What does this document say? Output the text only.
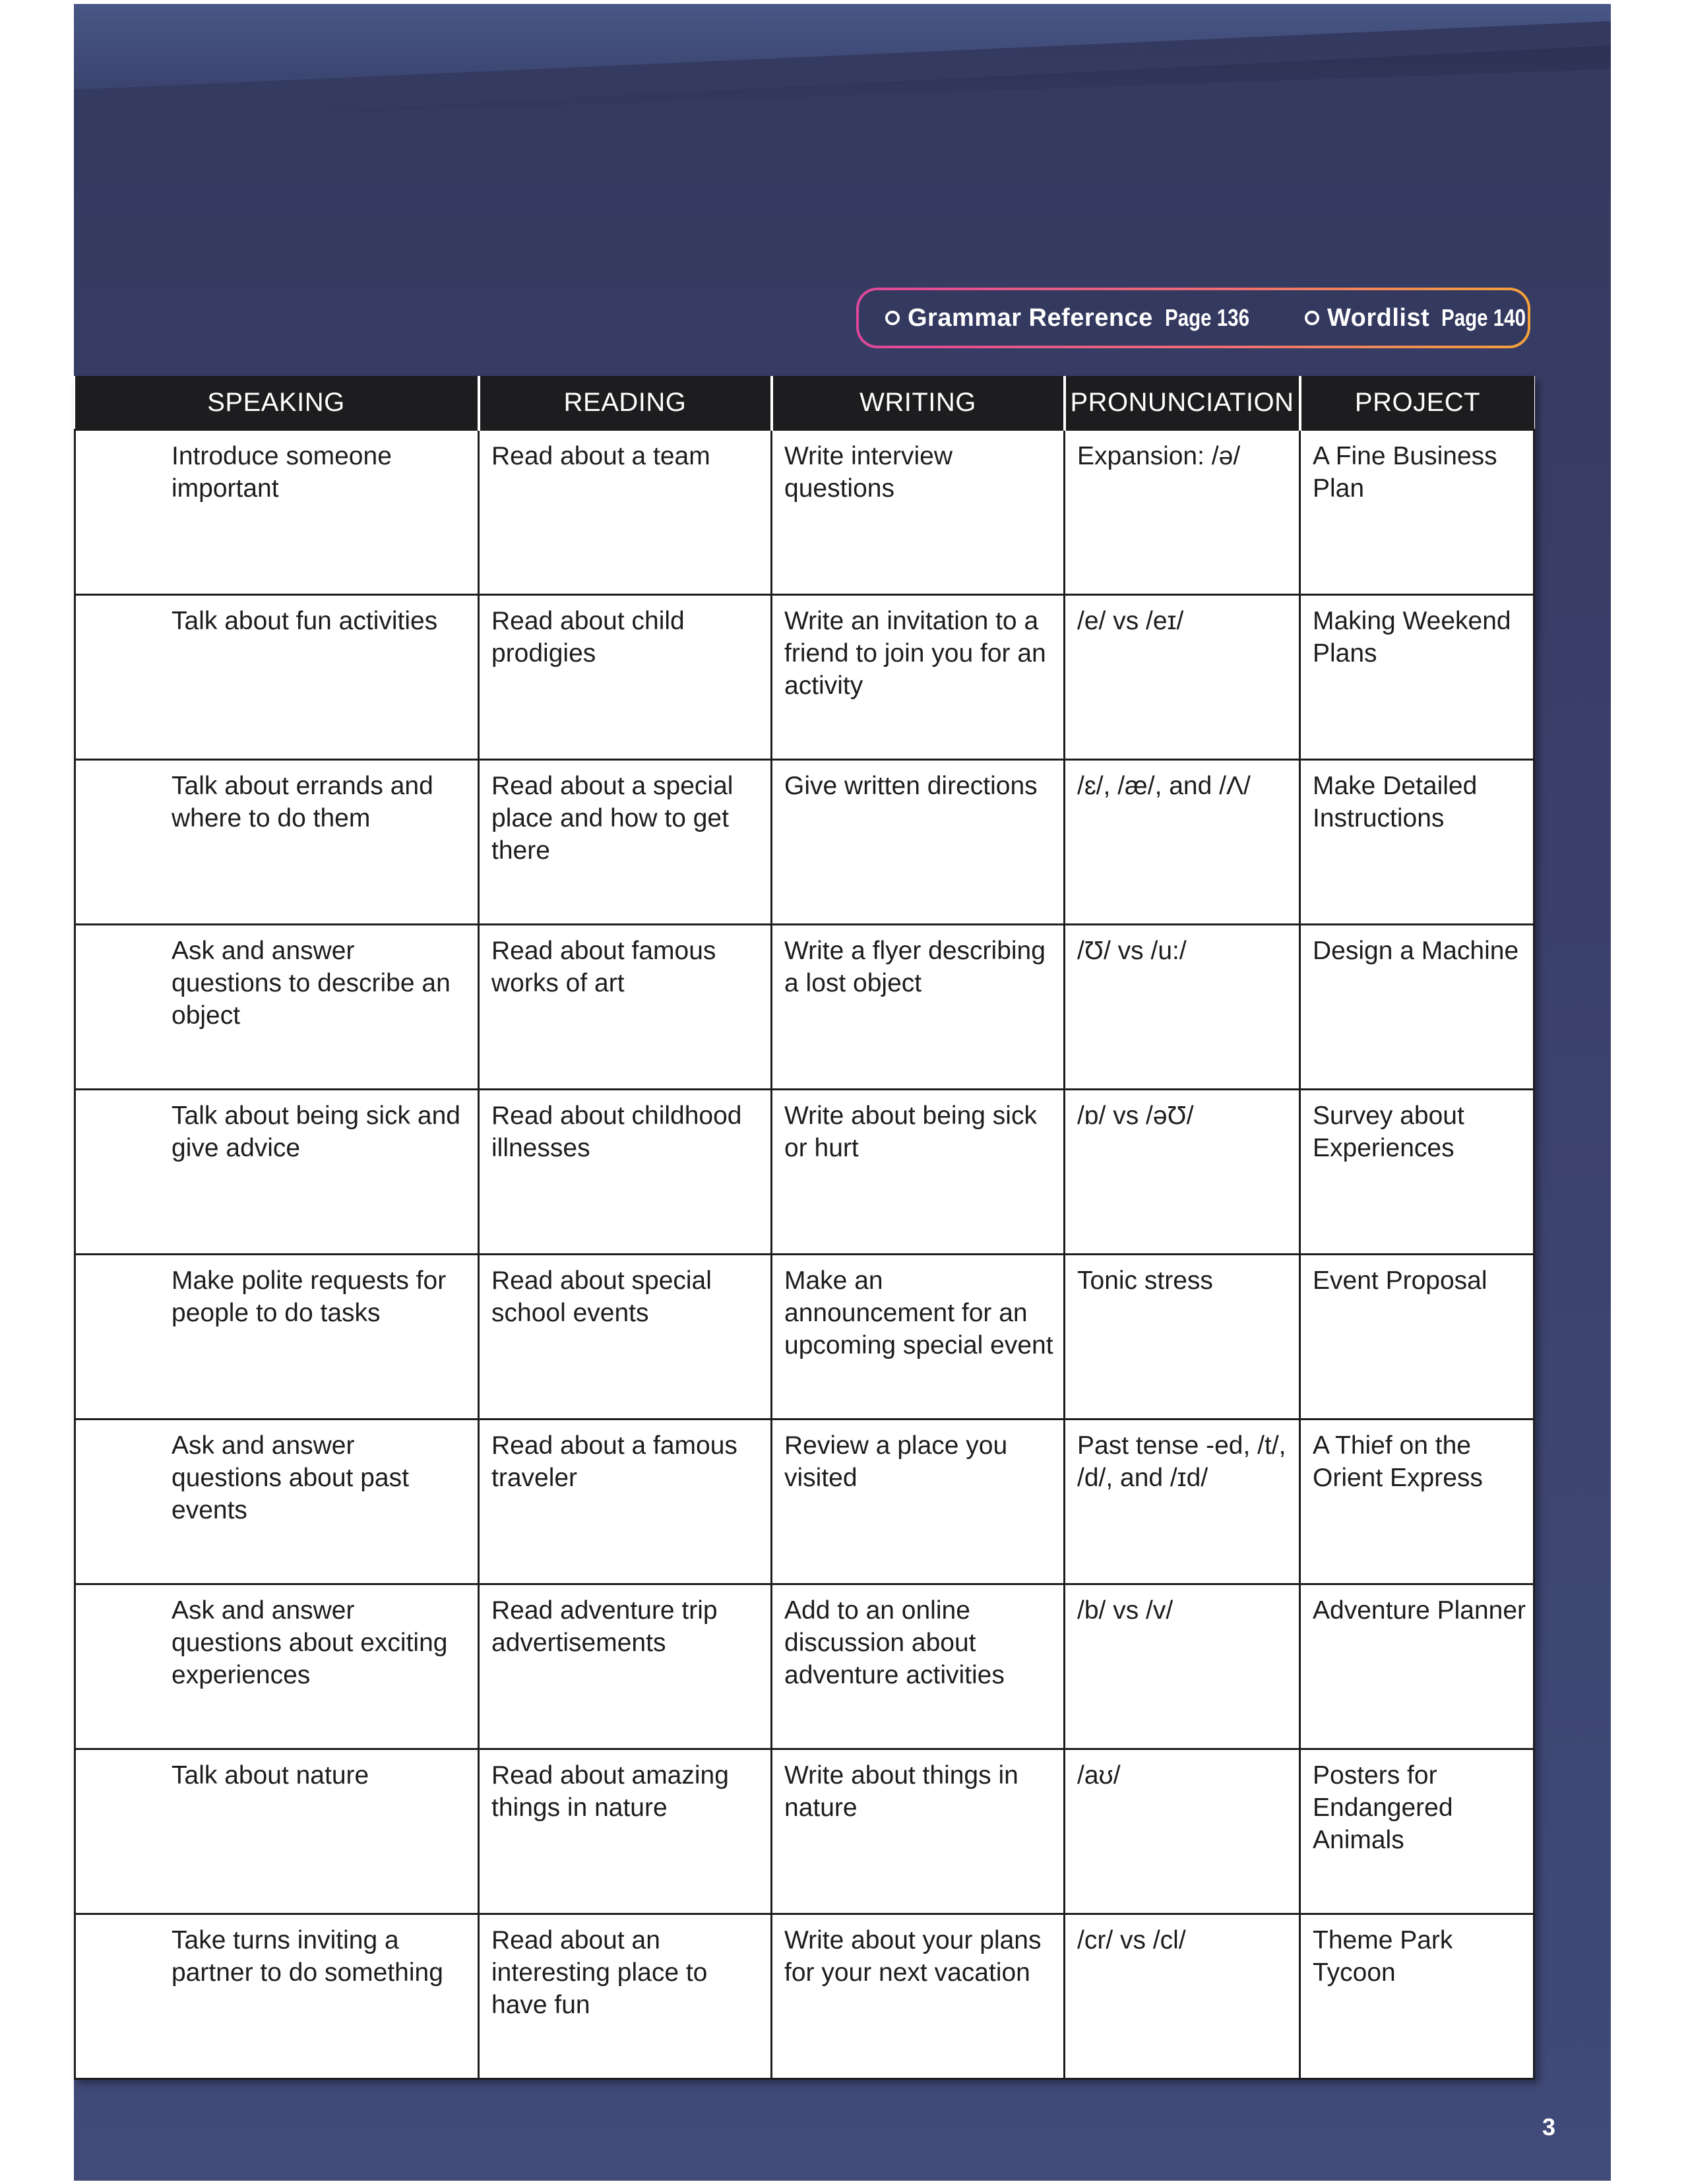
Grammar Reference Page 136	Wordlist Page 140
SPEAKING	READING	WRITING	PRONUNCIATION	PROJECT
Introduce someone important	Read about a team	Write interview questions	Expansion: /ə/	A Fine Business Plan
Talk about fun activities	Read about child prodigies	Write an invitation to a friend to join you for an activity	/e/ vs /eɪ/	Making Weekend Plans
Talk about errands and where to do them	Read about a special place and how to get there	Give written directions	/ɛ/, /æ/, and /Λ/	Make Detailed Instructions
Ask and answer questions to describe an object	Read about famous works of art	Write a flyer describing a lost object	/Ʊ/ vs /u:/	Design a Machine
Talk about being sick and give advice	Read about childhood illnesses	Write about being sick or hurt	/ɒ/ vs /əƱ/	Survey about Experiences
Make polite requests for people to do tasks	Read about special school events	Make an announcement for an upcoming special event	Tonic stress	Event Proposal
Ask and answer questions about past events	Read about a famous traveler	Review a place you visited	Past tense -ed, /t/, /d/, and /ɪd/	A Thief on the Orient Express
Ask and answer questions about exciting experiences	Read adventure trip advertisements	Add to an online discussion about adventure activities	/b/ vs /v/	Adventure Planner
Talk about nature	Read about amazing things in nature	Write about things in nature	/aʊ/	Posters for Endangered Animals
Take turns inviting a partner to do something	Read about an interesting place to have fun	Write about your plans for your next vacation	/cr/ vs /cl/	Theme Park Tycoon
3
